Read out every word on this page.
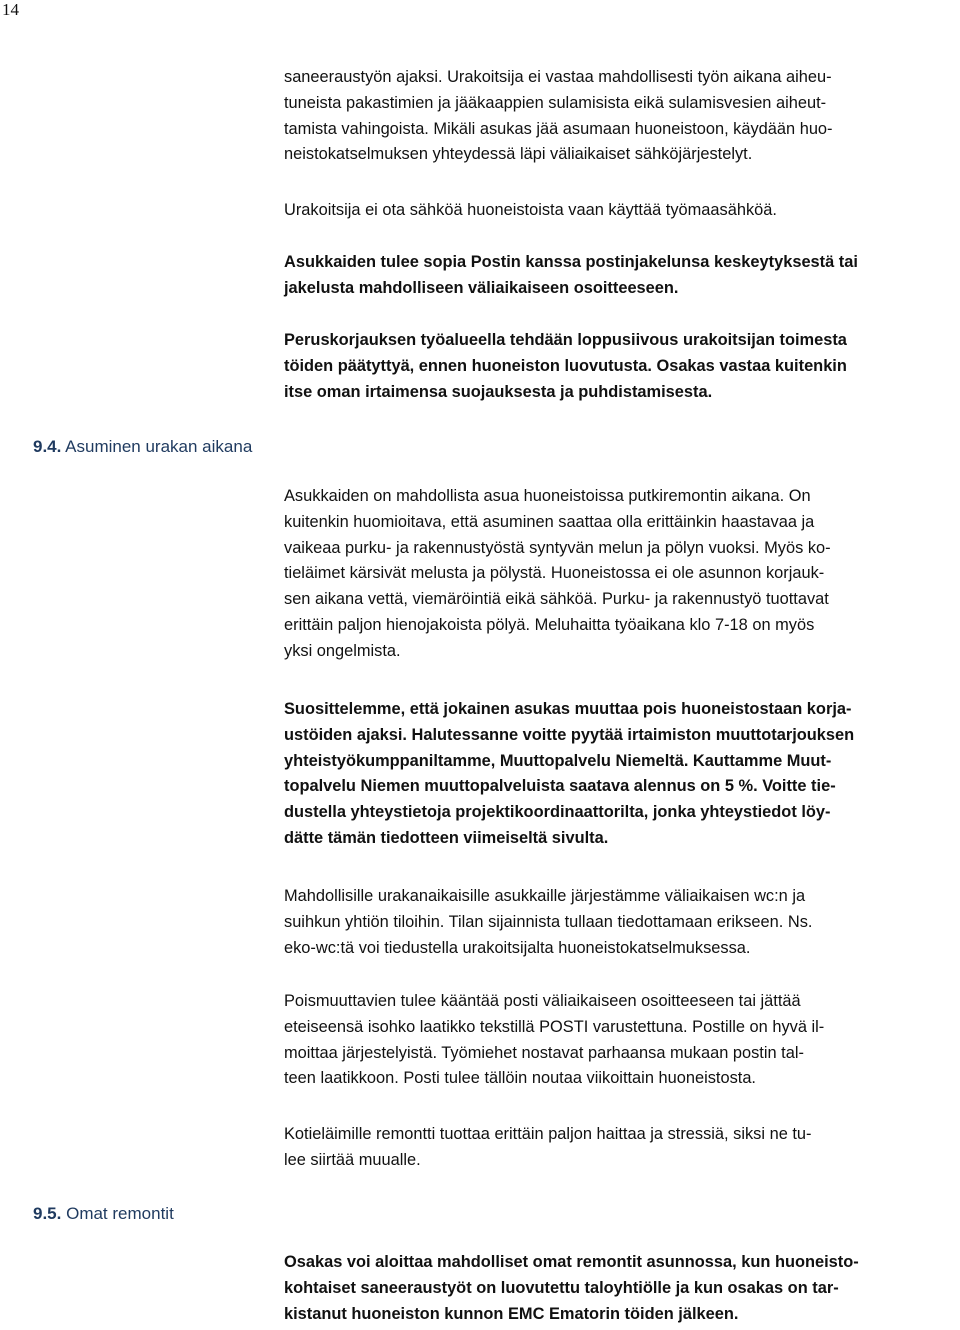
14
9.4. Asuminen urakan aikana
9.5. Omat remontit
saneeraustyön ajaksi. Urakoitsija ei vastaa mahdollisesti työn aikana aiheu-
tuneista pakastimien ja jääkaappien sulamisista eikä sulamisvesien aiheut-
tamista vahingoista. Mikäli asukas jää asumaan huoneistoon, käydään huo-
neistokatselmuksen yhteydessä läpi väliaikaiset sähköjärjestelyt.
Urakoitsija ei ota sähköä huoneistoista vaan käyttää työmaasähköä.
Asukkaiden tulee sopia Postin kanssa postinjakelunsa keskeytyksestä tai
jakelusta mahdolliseen väliaikaiseen osoitteeseen.
Peruskorjauksen työalueella tehdään loppusiivous urakoitsijan toimesta
töiden päätyttyä, ennen huoneiston luovutusta. Osakas vastaa kuitenkin
itse oman irtaimensa suojauksesta ja puhdistamisesta.
Asukkaiden on mahdollista asua huoneistoissa putkiremontin aikana. On
kuitenkin huomioitava, että asuminen saattaa olla erittäinkin haastavaa ja
vaikeaa purku- ja rakennustyöstä syntyvän melun ja pölyn vuoksi. Myös ko-
tieläimet kärsivät melusta ja pölystä. Huoneistossa ei ole asunnon korjauk-
sen aikana vettä, viemäröintiä eikä sähköä. Purku- ja rakennustyö tuottavat
erittäin paljon hienojakoista pölyä. Meluhaitta työaikana klo 7-18 on myös
yksi ongelmista.
Suosittelemme, että jokainen asukas muuttaa pois huoneistostaan korja-
ustöiden ajaksi. Halutessanne voitte pyytää irtaimiston muuttotarjouksen
yhteistyökumppaniltamme, Muuttopalvelu Niemeltä. Kauttamme Muut-
topalvelu Niemen muuttopalveluista saatava alennus on 5 %. Voitte tie-
dustella yhteystietoja projektikoordinaattorilta, jonka yhteystiedot löy-
dätte tämän tiedotteen viimeiseltä sivulta.
Mahdollisille urakanaikaisille asukkaille järjestämme väliaikaisen wc:n ja
suihkun yhtiön tiloihin. Tilan sijainnista tullaan tiedottamaan erikseen. Ns.
eko-wc:tä voi tiedustella urakoitsijalta huoneistokatselmuksessa.
Poismuuttavien tulee kääntää posti väliaikaiseen osoitteeseen tai jättää
eteiseensä isohko laatikko tekstillä POSTI varustettuna. Postille on hyvä il-
moittaa järjestelyistä. Työmiehet nostavat parhaansa mukaan postin tal-
teen laatikkoon. Posti tulee tällöin noutaa viikoittain huoneistosta.
Kotieläimille remontti tuottaa erittäin paljon haittaa ja stressiä, siksi ne tu-
lee siirtää muualle.
Osakas voi aloittaa mahdolliset omat remontit asunnossa, kun huoneisto-
kohtaiset saneeraustyöt on luovutettu taloyhtiölle ja kun osakas on tar-
kistanut huoneiston kunnon EMC Ematorin töiden jälkeen.
